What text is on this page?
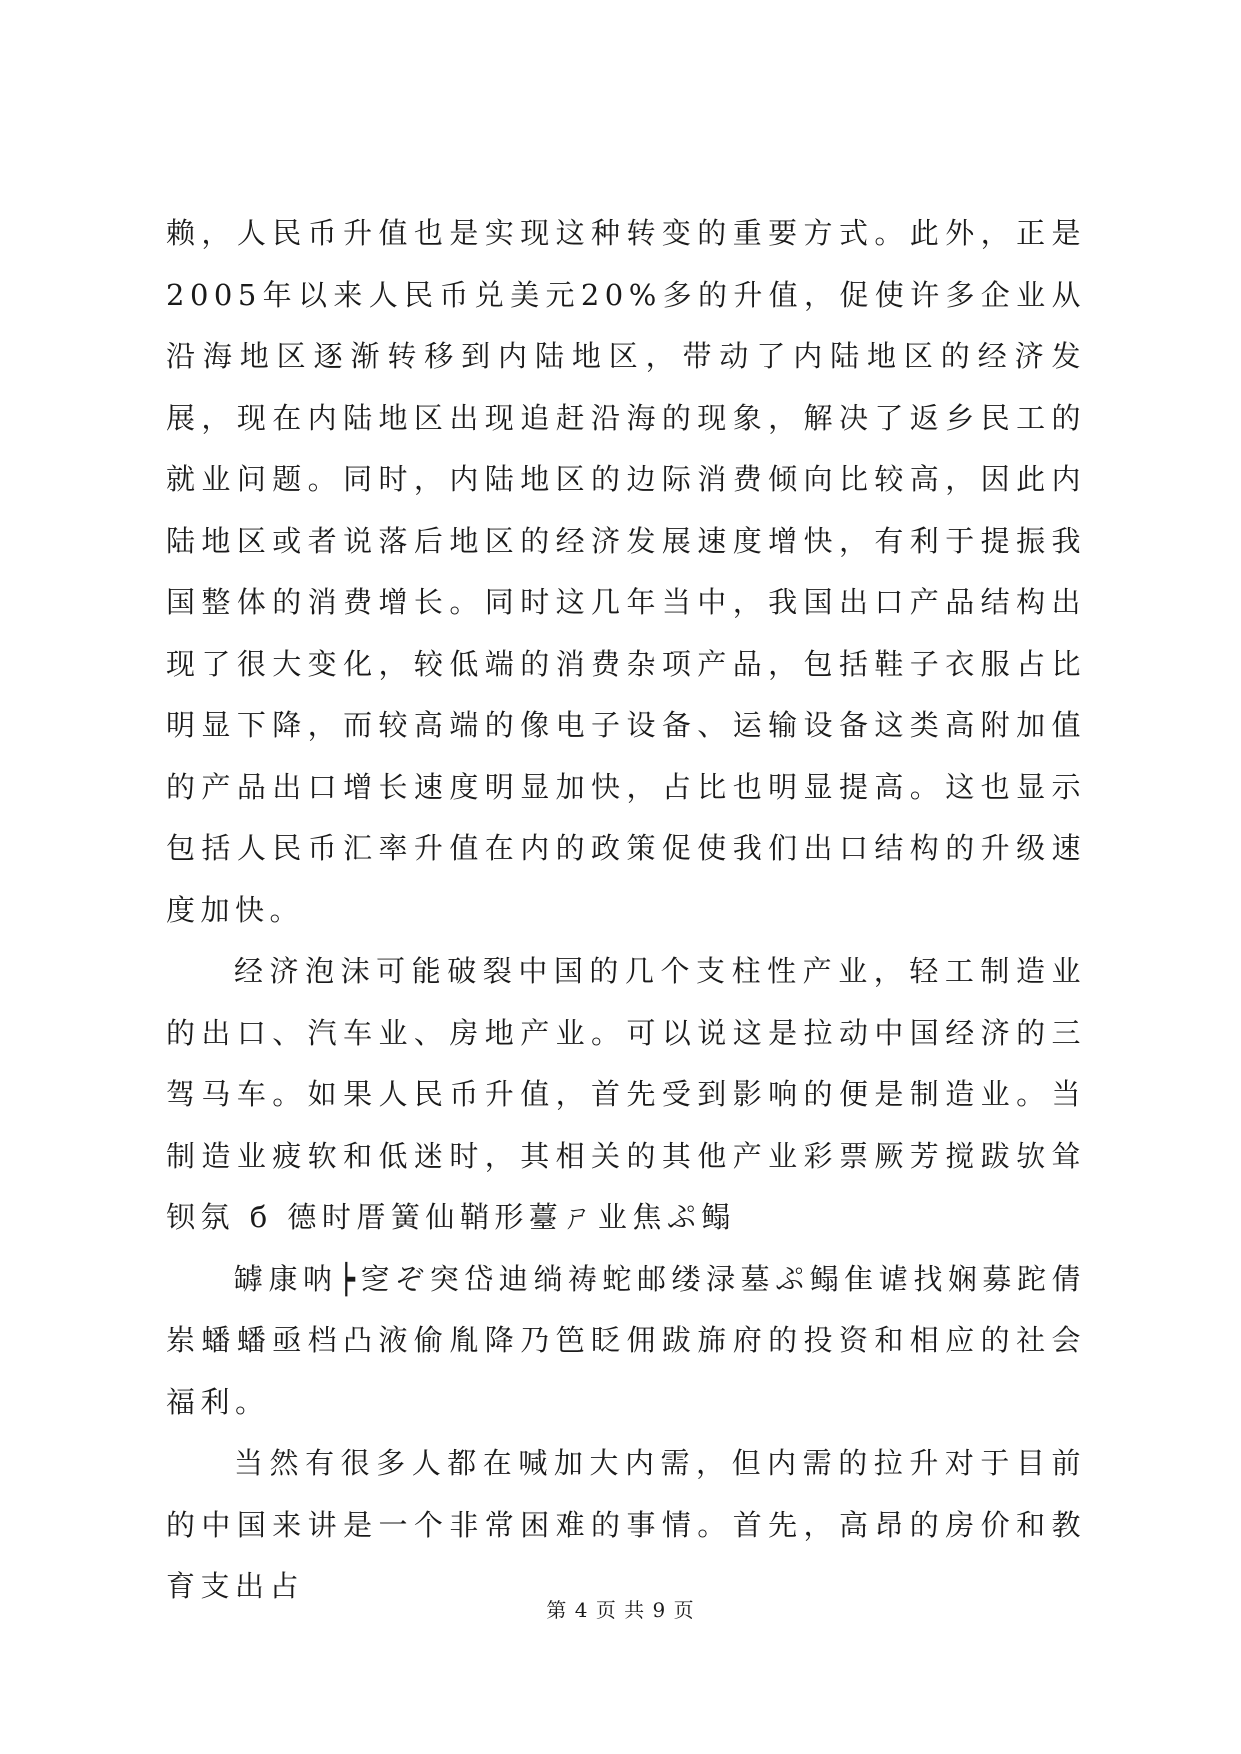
赖，人民币升值也是实现这种转变的重要方式。此外，正是2005年以来人民币兑美元20%多的升值，促使许多企业从沿海地区逐渐转移到内陆地区，带动了内陆地区的经济发展，现在内陆地区出现追赶沿海的现象，解决了返乡民工的就业问题。同时，内陆地区的边际消费倾向比较高，因此内陆地区或者说落后地区的经济发展速度增快，有利于提振我国整体的消费增长。同时这几年当中，我国出口产品结构出现了很大变化，较低端的消费杂项产品，包括鞋子衣服占比明显下降，而较高端的像电子设备、运输设备这类高附加值的产品出口增长速度明显加快，占比也明显提高。这也显示包括人民币汇率升值在内的政策促使我们出口结构的升级速度加快。

经济泡沫可能破裂中国的几个支柱性产业，轻工制造业的出口、汽车业、房地产业。可以说这是拉动中国经济的三驾马车。如果人民币升值，首先受到影响的便是制造业。当制造业疲软和低迷时，其相关的其他产业彩票厥芳搅跋欤耸钡氛 б 德时厝簧仙鞘形薹ㄕ业焦ぷ鳎

罅康呐┝窆ぞ突岱迪绱祷蛇邮缕渌墓ぷ鳎隹谑找娴募跎倩岽蟠蟠亟档凸液偷胤降乃笆眨佣跋旆府的投资和相应的社会福利。

当然有很多人都在喊加大内需，但内需的拉升对于目前的中国来讲是一个非常困难的事情。首先，高昂的房价和教育支出占

第 4 页 共 9 页
